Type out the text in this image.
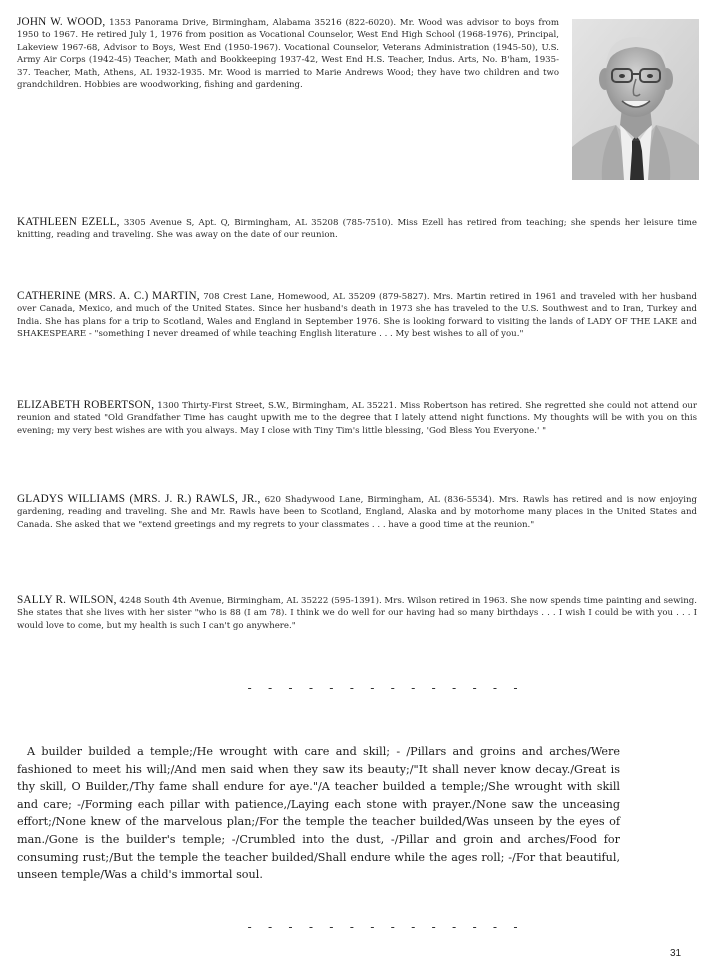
JOHN W. WOOD, 1353 Panorama Drive, Birmingham, Alabama 35216 (822-6020). Mr. Wood was advisor to boys from 1950 to 1967. He retired July 1, 1976 from position as Vocational Counselor, West End High School (1968-1976), Principal, Lakeview 1967-68, Advisor to Boys, West End (1950-1967). Vocational Counselor, Veterans Administration (1945-50), U.S. Army Air Corps (1942-45) Teacher, Math and Bookkeeping 1937-42, West End H.S. Teacher, Indus. Arts, No. B'ham, 1935-37. Teacher, Math, Athens, AL 1932-1935. Mr. Wood is married to Marie Andrews Wood; they have two children and two grandchildren. Hobbies are woodworking, fishing and gardening.
KATHLEEN EZELL, 3305 Avenue S, Apt. Q, Birmingham, AL 35208 (785-7510). Miss Ezell has retired from teaching; she spends her leisure time knitting, reading and traveling. She was away on the date of our reunion.
CATHERINE (MRS. A. C.) MARTIN, 708 Crest Lane, Homewood, AL 35209 (879-5827). Mrs. Martin retired in 1961 and traveled with her husband over Canada, Mexico, and much of the United States. Since her husband's death in 1973 she has traveled to the U.S. Southwest and to Iran, Turkey and India. She has plans for a trip to Scotland, Wales and England in September 1976. She is looking forward to visiting the lands of LADY OF THE LAKE and SHAKESPEARE - "something I never dreamed of while teaching English literature . . . My best wishes to all of you."
ELIZABETH ROBERTSON, 1300 Thirty-First Street, S.W., Birmingham, AL 35221. Miss Robertson has retired. She regretted she could not attend our reunion and stated "Old Grandfather Time has caught upwith me to the degree that I lately attend night functions. My thoughts will be with you on this evening; my very best wishes are with you always. May I close with Tiny Tim's little blessing, 'God Bless You Everyone.' "
GLADYS WILLIAMS (MRS. J. R.) RAWLS, JR., 620 Shadywood Lane, Birmingham, AL (836-5534). Mrs. Rawls has retired and is now enjoying gardening, reading and traveling. She and Mr. Rawls have been to Scotland, England, Alaska and by motorhome many places in the United States and Canada. She asked that we "extend greetings and my regrets to your classmates . . . have a good time at the reunion."
SALLY R. WILSON, 4248 South 4th Avenue, Birmingham, AL 35222 (595-1391). Mrs. Wilson retired in 1963. She now spends time painting and sewing. She states that she lives with her sister "who is 88 (I am 78). I think we do well for our having had so many birthdays . . . I wish I could be with you . . . I would love to come, but my health is such I can't go anywhere."
- - - - - - - - - - - - - -
A builder builded a temple;/He wrought with care and skill; - /Pillars and groins and arches/Were fashioned to meet his will;/And men said when they saw its beauty;/"It shall never know decay./Great is thy skill, O Builder,/Thy fame shall endure for aye."/A teacher builded a temple;/She wrought with skill and care; -/Forming each pillar with patience,/Laying each stone with prayer./None saw the unceasing effort;/None knew of the marvelous plan;/For the temple the teacher builded/Was unseen by the eyes of man./Gone is the builder's temple; -/Crumbled into the dust, -/Pillar and groin and arches/Food for consuming rust;/But the temple the teacher builded/Shall endure while the ages roll; -/For that beautiful, unseen temple/Was a child's immortal soul.
- - - - - - - - - - - - - -
31
